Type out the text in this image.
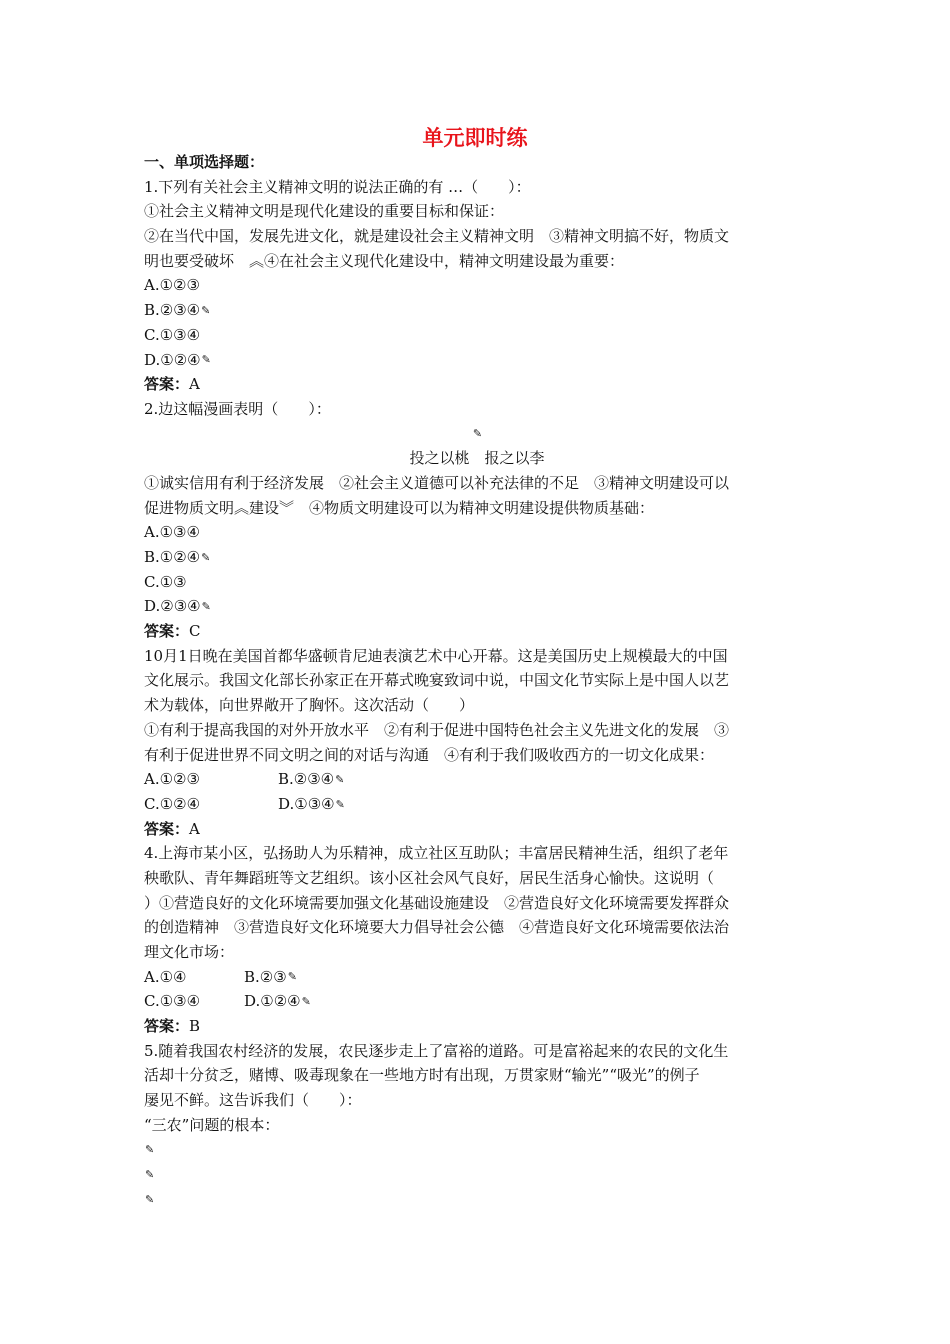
单元即时练
一、单项选择题：
1.下列有关社会主义精神文明的说法正确的有 …（　　）：
①社会主义精神文明是现代化建设的重要目标和保证：
②在当代中国，发展先进文化，就是建设社会主义精神文明　③精神文明搞不好，物质文
明也要受破坏　︽④在社会主义现代化建设中，精神文明建设最为重要：
A.①②③
B.②③④✎
C.①③④
D.①②④✎
答案：A
2.边这幅漫画表明（　　）：
✎
投之以桃　报之以李
①诚实信用有利于经济发展　②社会主义道德可以补充法律的不足　③精神文明建设可以
促进物质文明︽建设︾　④物质文明建设可以为精神文明建设提供物质基础：
A.①③④
B.①②④✎
C.①③
D.②③④✎
答案：C
10月1日晚在美国首都华盛顿肯尼迪表演艺术中心开幕。这是美国历史上规模最大的中国
文化展示。我国文化部长孙家正在开幕式晚宴致词中说，中国文化节实际上是中国人以艺
术为载体，向世界敞开了胸怀。这次活动（　　）
①有利于提高我国的对外开放水平　②有利于促进中国特色社会主义先进文化的发展　③
有利于促进世界不同文明之间的对话与沟通　④有利于我们吸收西方的一切文化成果：
A.①②③	B.②③④✎
C.①②④	D.①③④✎
答案：A
4.上海市某小区，弘扬助人为乐精神，成立社区互助队；丰富居民精神生活，组织了老年
秧歌队、青年舞蹈班等文艺组织。该小区社会风气良好，居民生活身心愉快。这说明（
）①营造良好的文化环境需要加强文化基础设施建设　②营造良好文化环境需要发挥群众
的创造精神　③营造良好文化环境要大力倡导社会公德　④营造良好文化环境需要依法治
理文化市场：
A.①④	B.②③✎
C.①③④	D.①②④✎
答案：B
5.随着我国农村经济的发展，农民逐步走上了富裕的道路。可是富裕起来的农民的文化生
活却十分贫乏，赌博、吸毒现象在一些地方时有出现，万贯家财“输光”“吸光”的例子
屡见不鲜。这告诉我们（　　）：
“三农”问题的根本：
✎
✎
✎
